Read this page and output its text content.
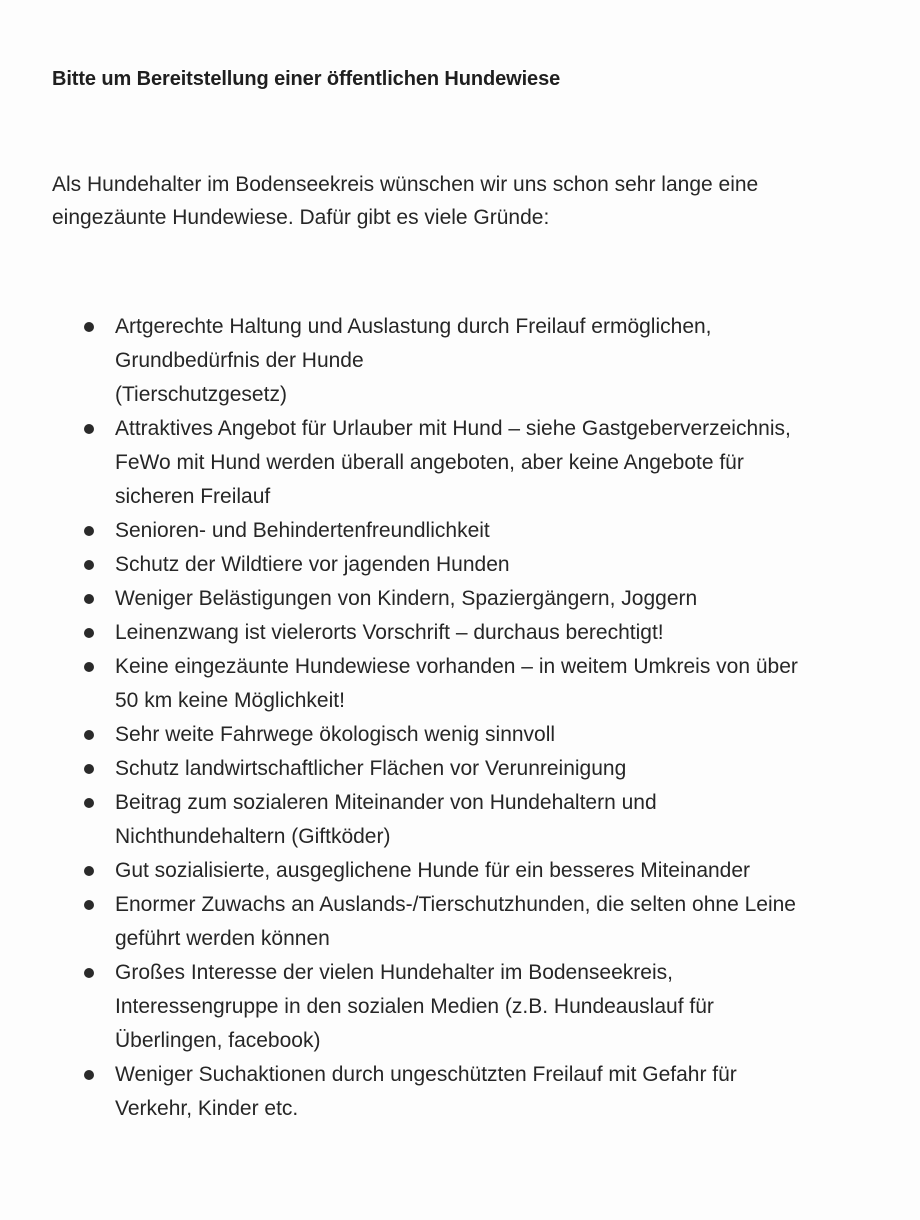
Bitte um Bereitstellung einer öffentlichen Hundewiese

Als Hundehalter im Bodenseekreis wünschen wir uns schon sehr lange eine
eingezäunte Hundewiese. Dafür gibt es viele Gründe:

Artgerechte Haltung und Auslastung durch Freilauf ermöglichen,
Grundbedürfnis der Hunde
(Tierschutzgesetz)
Attraktives Angebot für Urlauber mit Hund – siehe Gastgeberverzeichnis,
FeWo mit Hund werden überall angeboten, aber keine Angebote für
sicheren Freilauf
Senioren- und Behindertenfreundlichkeit
Schutz der Wildtiere vor jagenden Hunden
Weniger Belästigungen von Kindern, Spaziergängern, Joggern
Leinenzwang ist vielerorts Vorschrift – durchaus berechtigt!
Keine eingezäunte Hundewiese vorhanden – in weitem Umkreis von über
50 km keine Möglichkeit!
Sehr weite Fahrwege ökologisch wenig sinnvoll
Schutz landwirtschaftlicher Flächen vor Verunreinigung
Beitrag zum sozialeren Miteinander von Hundehaltern und
Nichthundehaltern (Giftköder)
Gut sozialisierte, ausgeglichene Hunde für ein besseres Miteinander
Enormer Zuwachs an Auslands-/Tierschutzhunden, die selten ohne Leine
geführt werden können
Großes Interesse der vielen Hundehalter im Bodenseekreis,
Interessengruppe in den sozialen Medien (z.B. Hundeauslauf für
Überlingen, facebook)
Weniger Suchaktionen durch ungeschützten Freilauf mit Gefahr für
Verkehr, Kinder etc.
